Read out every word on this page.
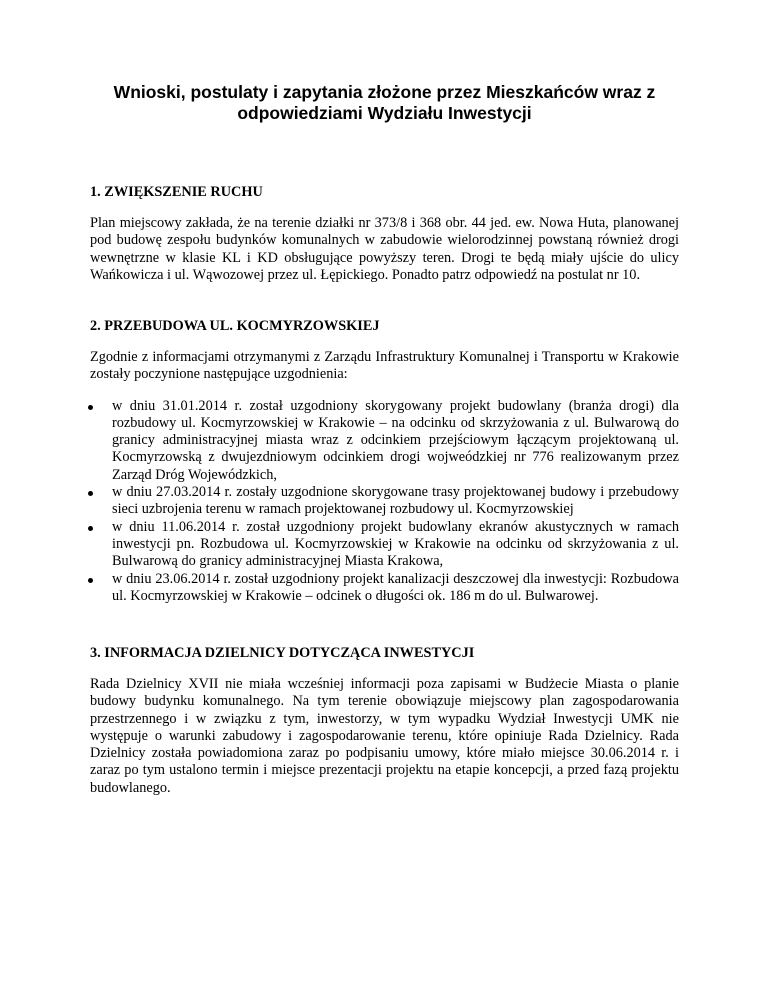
Wnioski, postulaty i zapytania złożone przez Mieszkańców wraz z odpowiedziami Wydziału Inwestycji
1. ZWIĘKSZENIE RUCHU

Plan miejscowy zakłada, że na terenie działki nr 373/8 i 368 obr. 44 jed. ew. Nowa Huta, planowanej pod budowę zespołu budynków komunalnych w zabudowie wielorodzinnej powstaną również drogi wewnętrzne w klasie KL i KD obsługujące powyższy teren. Drogi te będą miały ujście do ulicy Wańkowicza i ul. Wąwozowej przez ul. Łępickiego. Ponadto patrz odpowiedź na postulat nr 10.

2. PRZEBUDOWA UL. KOCMYRZOWSKIEJ

Zgodnie z informacjami otrzymanymi z Zarządu Infrastruktury Komunalnej i Transportu w Krakowie zostały poczynione następujące uzgodnienia:

w dniu 31.01.2014 r. został uzgodniony skorygowany projekt budowlany (branża drogi) dla rozbudowy ul. Kocmyrzowskiej w Krakowie – na odcinku od skrzyżowania z ul. Bulwarową do granicy administracyjnej miasta wraz z odcinkiem przejściowym łączącym projektowaną ul. Kocmyrzowską z dwujezdniowym odcinkiem drogi wojweódzkiej nr 776 realizowanym przez Zarząd Dróg Wojewódzkich,
w dniu 27.03.2014 r. zostały uzgodnione skorygowane trasy projektowanej budowy i przebudowy sieci uzbrojenia terenu w ramach projektowanej rozbudowy ul. Kocmyrzowskiej
w dniu 11.06.2014 r. został uzgodniony projekt budowlany ekranów akustycznych w ramach inwestycji pn. Rozbudowa ul. Kocmyrzowskiej w Krakowie na odcinku od skrzyżowania z ul. Bulwarową do granicy administracyjnej Miasta Krakowa,
w dniu 23.06.2014 r. został uzgodniony projekt kanalizacji deszczowej dla inwestycji: Rozbudowa ul. Kocmyrzowskiej w Krakowie – odcinek o długości ok. 186 m do ul. Bulwarowej.
3. INFORMACJA DZIELNICY DOTYCZĄCA INWESTYCJI

Rada Dzielnicy XVII nie miała wcześniej informacji poza zapisami w Budżecie Miasta o planie budowy budynku komunalnego. Na tym terenie obowiązuje miejscowy plan zagospodarowania przestrzennego i w związku z tym, inwestorzy, w tym wypadku Wydział Inwestycji UMK nie występuje o warunki zabudowy i zagospodarowanie terenu, które opiniuje Rada Dzielnicy. Rada Dzielnicy została powiadomiona zaraz po podpisaniu umowy, które miało miejsce 30.06.2014 r. i zaraz po tym ustalono termin i miejsce prezentacji projektu na etapie koncepcji, a przed fazą projektu budowlanego.
